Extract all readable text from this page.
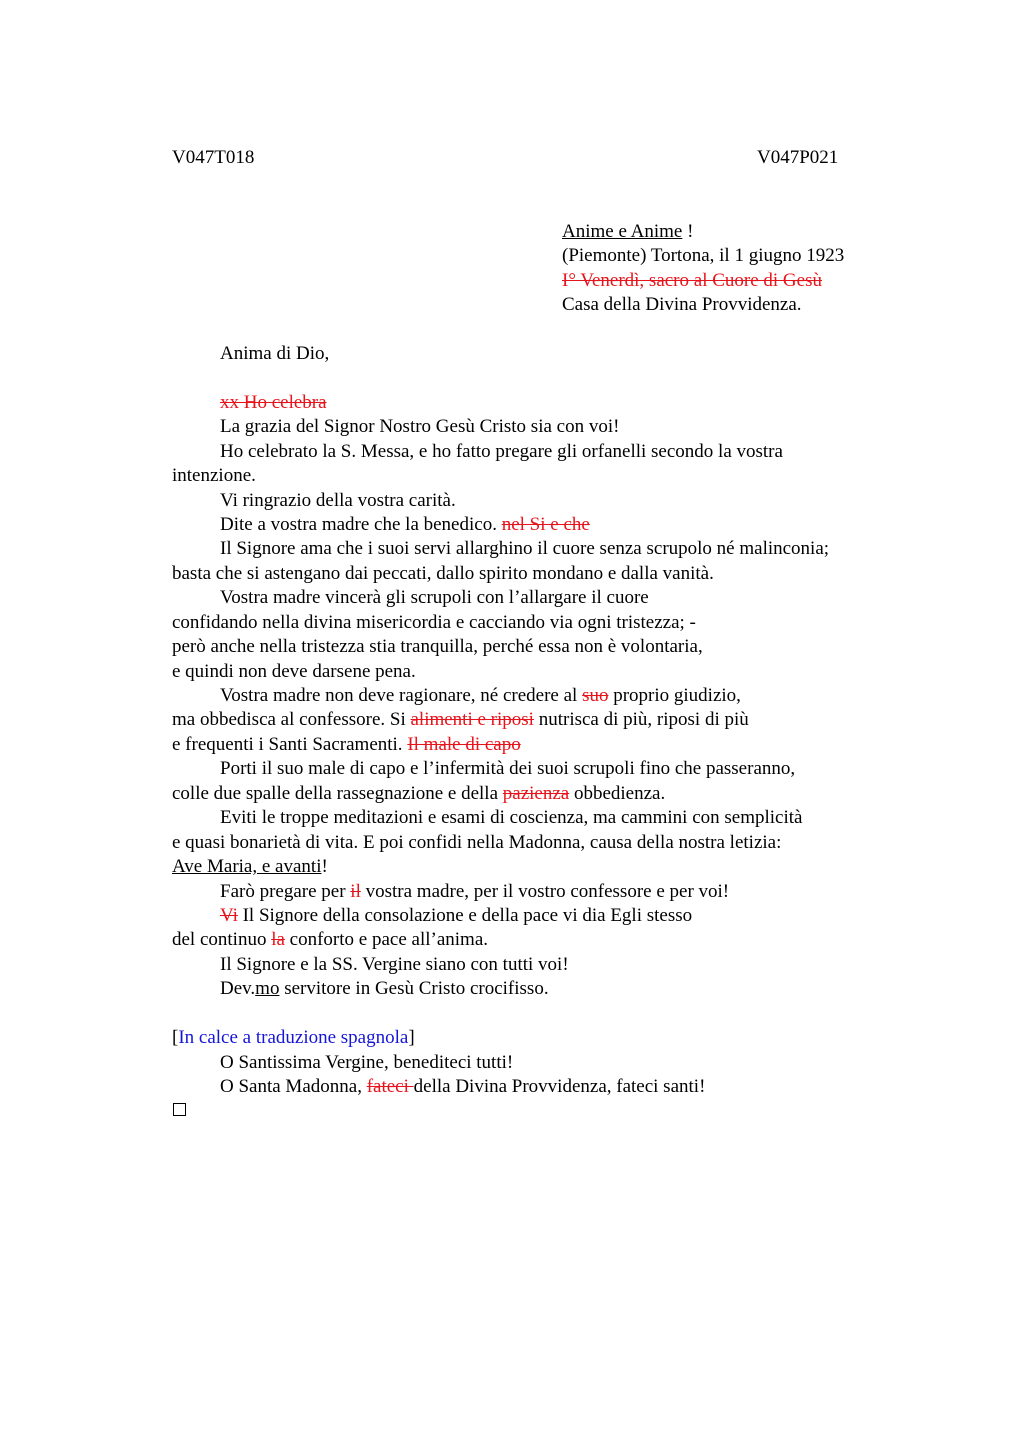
V047T018	V047P021
Anime e Anime !
(Piemonte) Tortona, il 1 giugno 1923
I° Venerdì, sacro al Cuore di Gesù
Casa della Divina Provvidenza.
Anima di Dio,
xx Ho celebra
La grazia del Signor Nostro Gesù Cristo sia con voi!
Ho celebrato la S. Messa, e ho fatto pregare gli orfanelli secondo la vostra
intenzione.
Vi ringrazio della vostra carità.
Dite a vostra madre che la benedico. nel Si e che
Il Signore ama che i suoi servi allarghino il cuore senza scrupolo né malinconia;
basta che si astengano dai peccati, dallo spirito mondano e dalla vanità.
Vostra madre vincerà gli scrupoli con l’allargare il cuore
confidando nella divina misericordia e cacciando via ogni tristezza; -
però anche nella tristezza stia tranquilla, perché essa non è volontaria,
e quindi non deve darsene pena.
Vostra madre non deve ragionare, né credere al suo proprio giudizio,
ma obbedisca al confessore. Si alimenti e riposi nutrisca di più, riposi di più
e frequenti i Santi Sacramenti. Il male di capo
Porti il suo male di capo e l’infermità dei suoi scrupoli fino che passeranno,
colle due spalle della rassegnazione e della pazienza obbedienza.
Eviti le troppe meditazioni e esami di coscienza, ma cammini con semplicità
e quasi bonarietà di vita. E poi confidi nella Madonna, causa della nostra letizia:
Ave Maria, e avanti!
Farò pregare per il vostra madre, per il vostro confessore e per voi!
Vi Il Signore della consolazione e della pace vi dia Egli stesso
del continuo la conforto e pace all’anima.
Il Signore e la SS. Vergine siano con tutti voi!
Dev.mo servitore in Gesù Cristo crocifisso.
[In calce a traduzione spagnola]
O Santissima Vergine, benediteci tutti!
O Santa Madonna, fateci della Divina Provvidenza, fateci santi!
